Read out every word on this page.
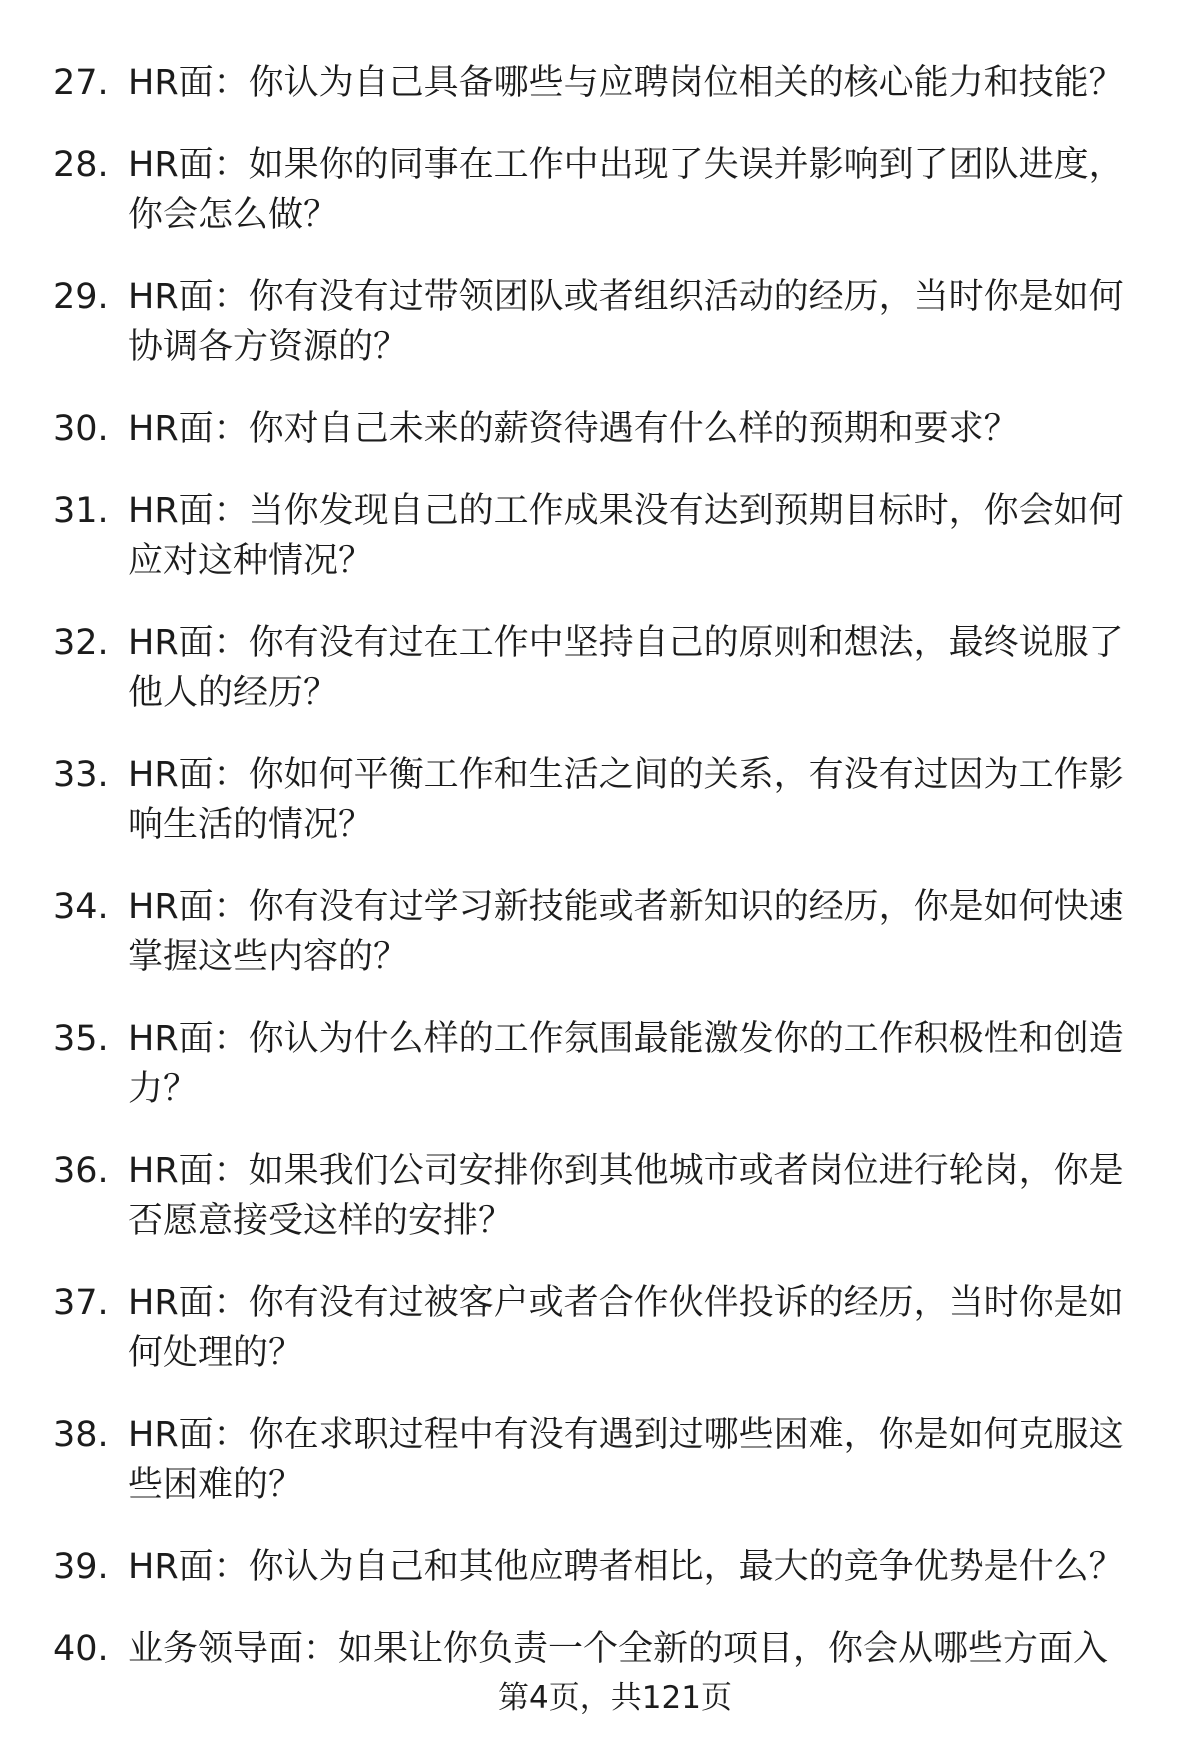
27. HR面：你认为自己具备哪些与应聘岗位相关的核心能力和技能？
28. HR面：如果你的同事在工作中出现了失误并影响到了团队进度，
你会怎么做？
29. HR面：你有没有过带领团队或者组织活动的经历，当时你是如何
协调各方资源的？
30. HR面：你对自己未来的薪资待遇有什么样的预期和要求？
31. HR面：当你发现自己的工作成果没有达到预期目标时，你会如何
应对这种情况？
32. HR面：你有没有过在工作中坚持自己的原则和想法，最终说服了
他人的经历？
33. HR面：你如何平衡工作和生活之间的关系，有没有过因为工作影
响生活的情况？
34. HR面：你有没有过学习新技能或者新知识的经历，你是如何快速
掌握这些内容的？
35. HR面：你认为什么样的工作氛围最能激发你的工作积极性和创造
力？
36. HR面：如果我们公司安排你到其他城市或者岗位进行轮岗，你是
否愿意接受这样的安排？
37. HR面：你有没有过被客户或者合作伙伴投诉的经历，当时你是如
何处理的？
38. HR面：你在求职过程中有没有遇到过哪些困难，你是如何克服这
些困难的？
39. HR面：你认为自己和其他应聘者相比，最大的竞争优势是什么？
40. 业务领导面：如果让你负责一个全新的项目，你会从哪些方面入
第4页，共121页
